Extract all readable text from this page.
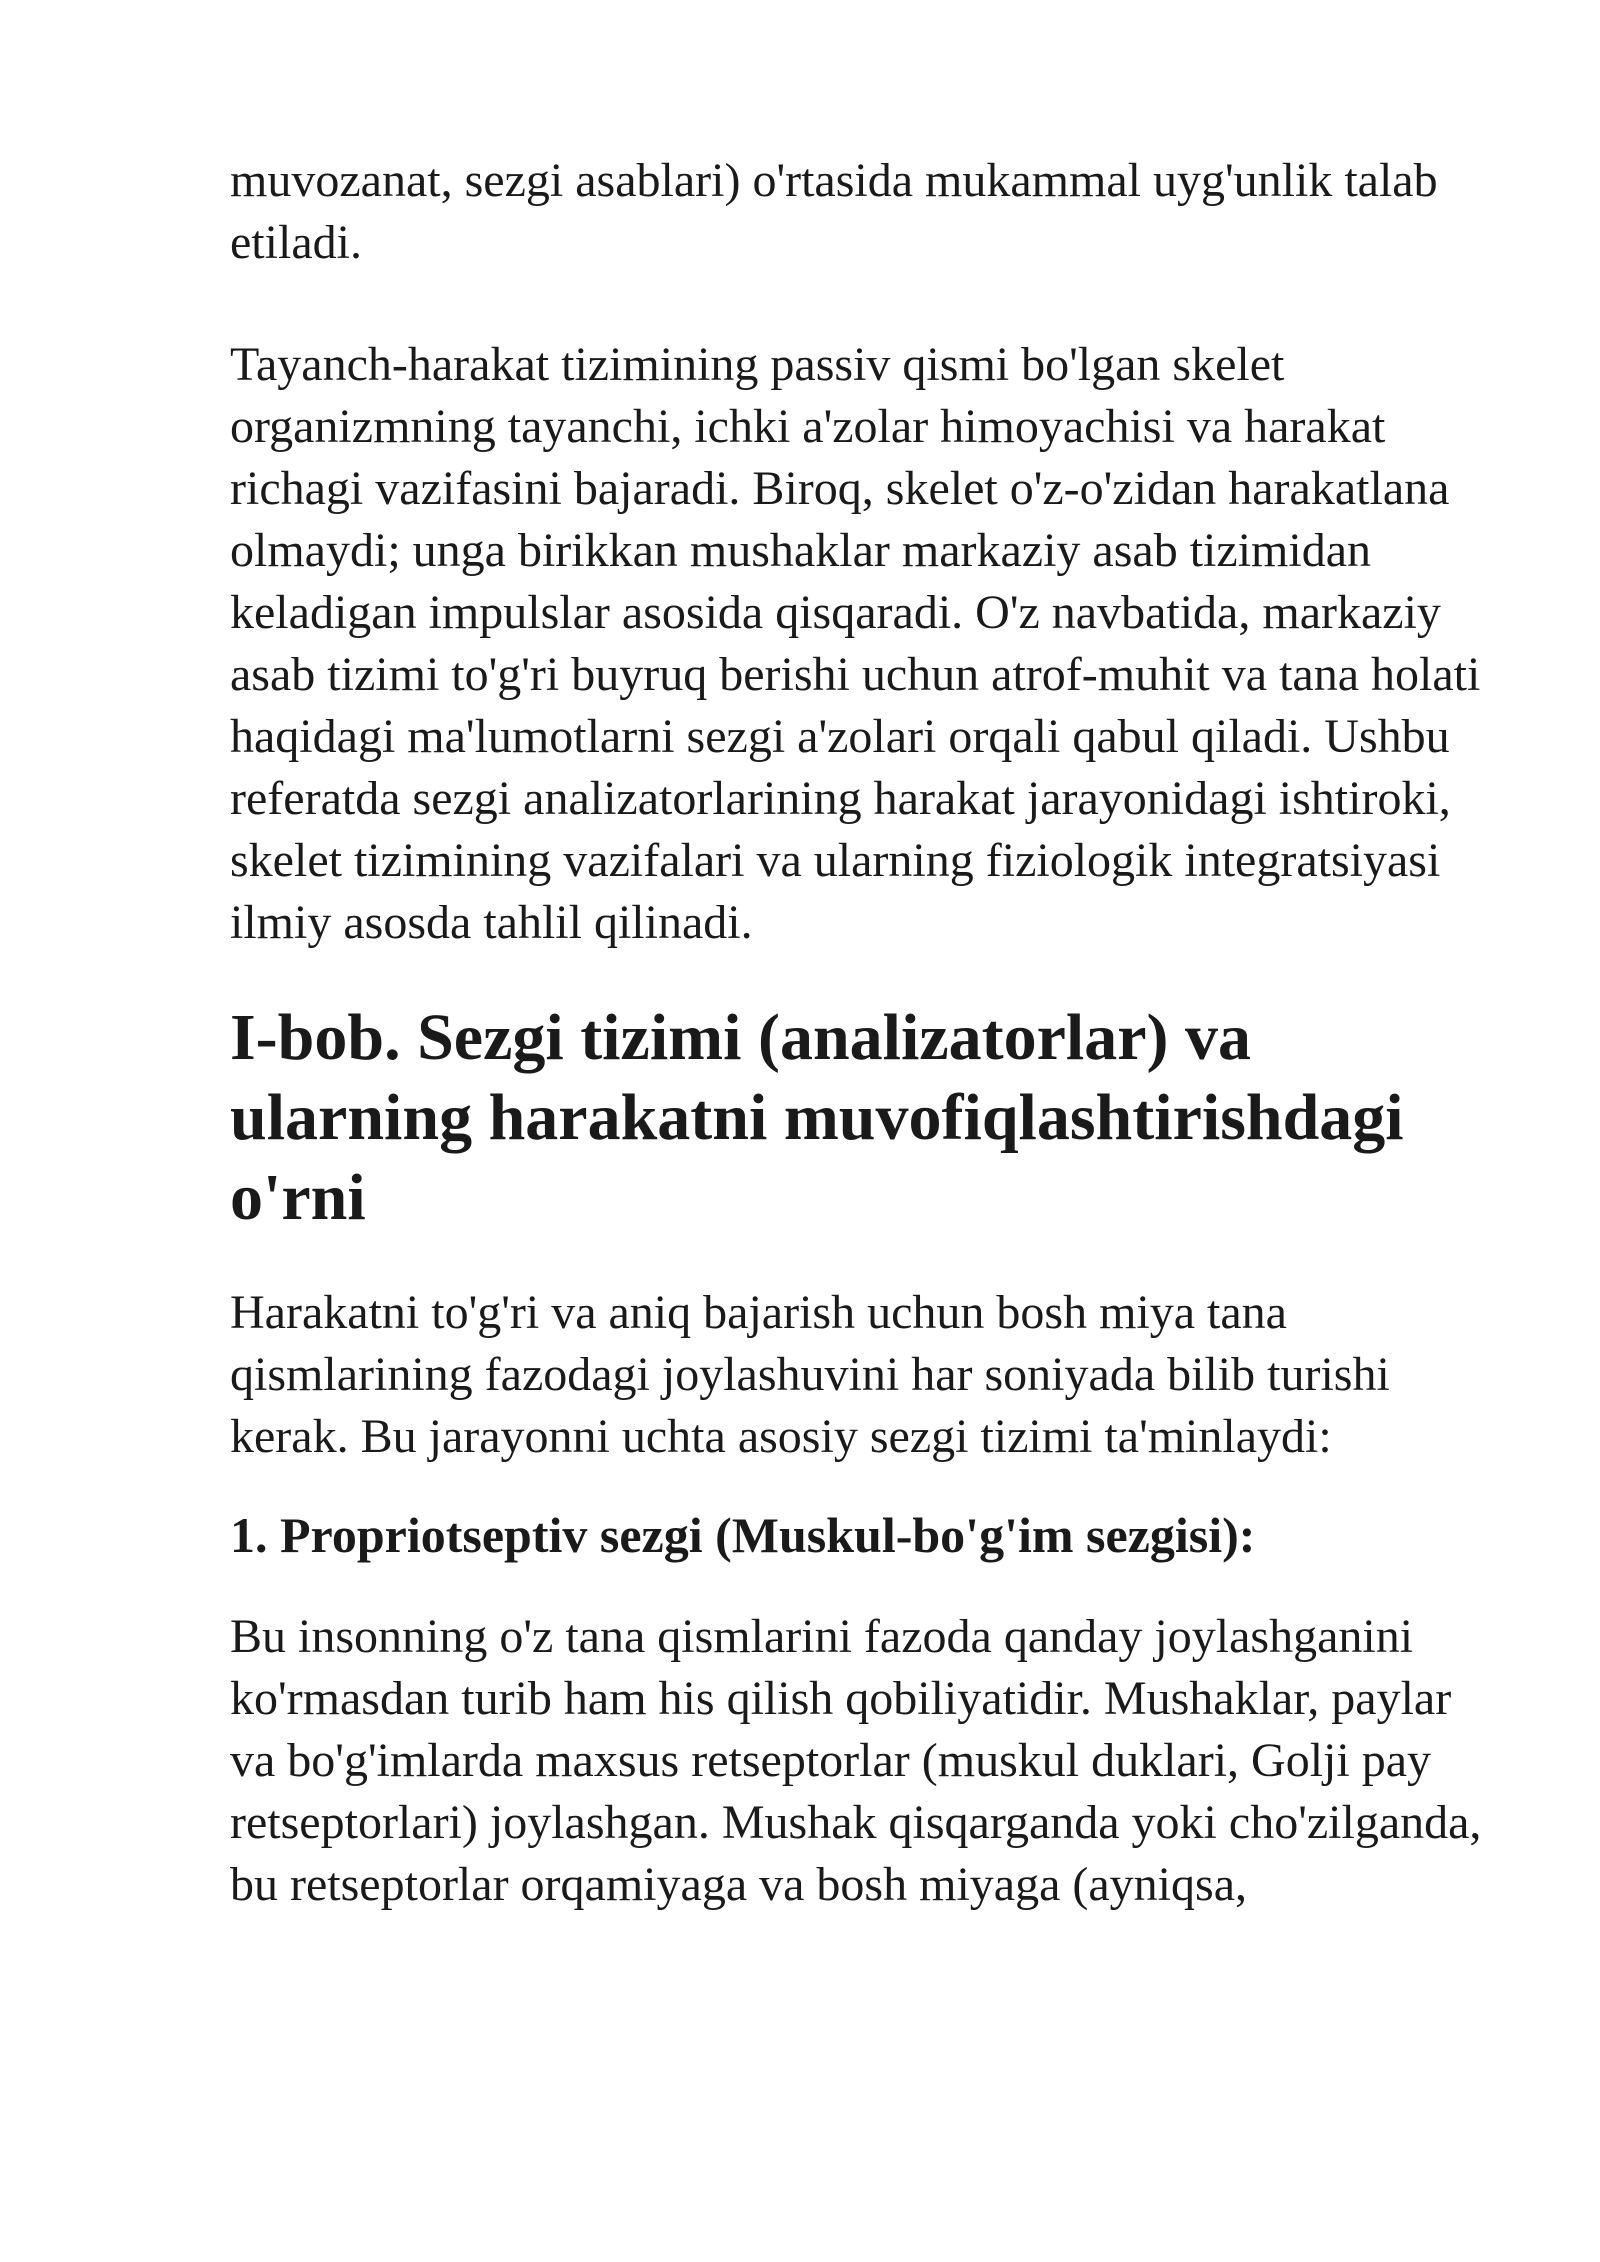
muvozanat, sezgi asablari) o'rtasida mukammal uyg'unlik talab etiladi.

Tayanch-harakat tizimining passiv qismi bo'lgan skelet organizmning tayanchi, ichki a'zolar himoyachisi va harakat richagi vazifasini bajaradi. Biroq, skelet o'z-o'zidan harakatlana olmaydi; unga birikkan mushaklar markaziy asab tizimidan keladigan impulslar asosida qisqaradi. O'z navbatida, markaziy asab tizimi to'g'ri buyruq berishi uchun atrof-muhit va tana holati haqidagi ma'lumotlarni sezgi a'zolari orqali qabul qiladi. Ushbu referatda sezgi analizatorlarining harakat jarayonidagi ishtiroki, skelet tizimining vazifalari va ularning fiziologik integratsiyasi ilmiy asosda tahlil qilinadi.

I-bob. Sezgi tizimi (analizatorlar) va ularning harakatni muvofiqlashtirishdagi o'rni

Harakatni to'g'ri va aniq bajarish uchun bosh miya tana qismlarining fazodagi joylashuvini har soniyada bilib turishi kerak. Bu jarayonni uchta asosiy sezgi tizimi ta'minlaydi:

1. Propriotseptiv sezgi (Muskul-bo'g'im sezgisi):

Bu insonning o'z tana qismlarini fazoda qanday joylashganini ko'rmasdan turib ham his qilish qobiliyatidir. Mushaklar, paylar va bo'g'imlarda maxsus retseptorlar (muskul duklari, Golji pay retseptorlari) joylashgan. Mushak qisqarganda yoki cho'zilganda, bu retseptorlar orqamiyaga va bosh miyaga (ayniqsa,
